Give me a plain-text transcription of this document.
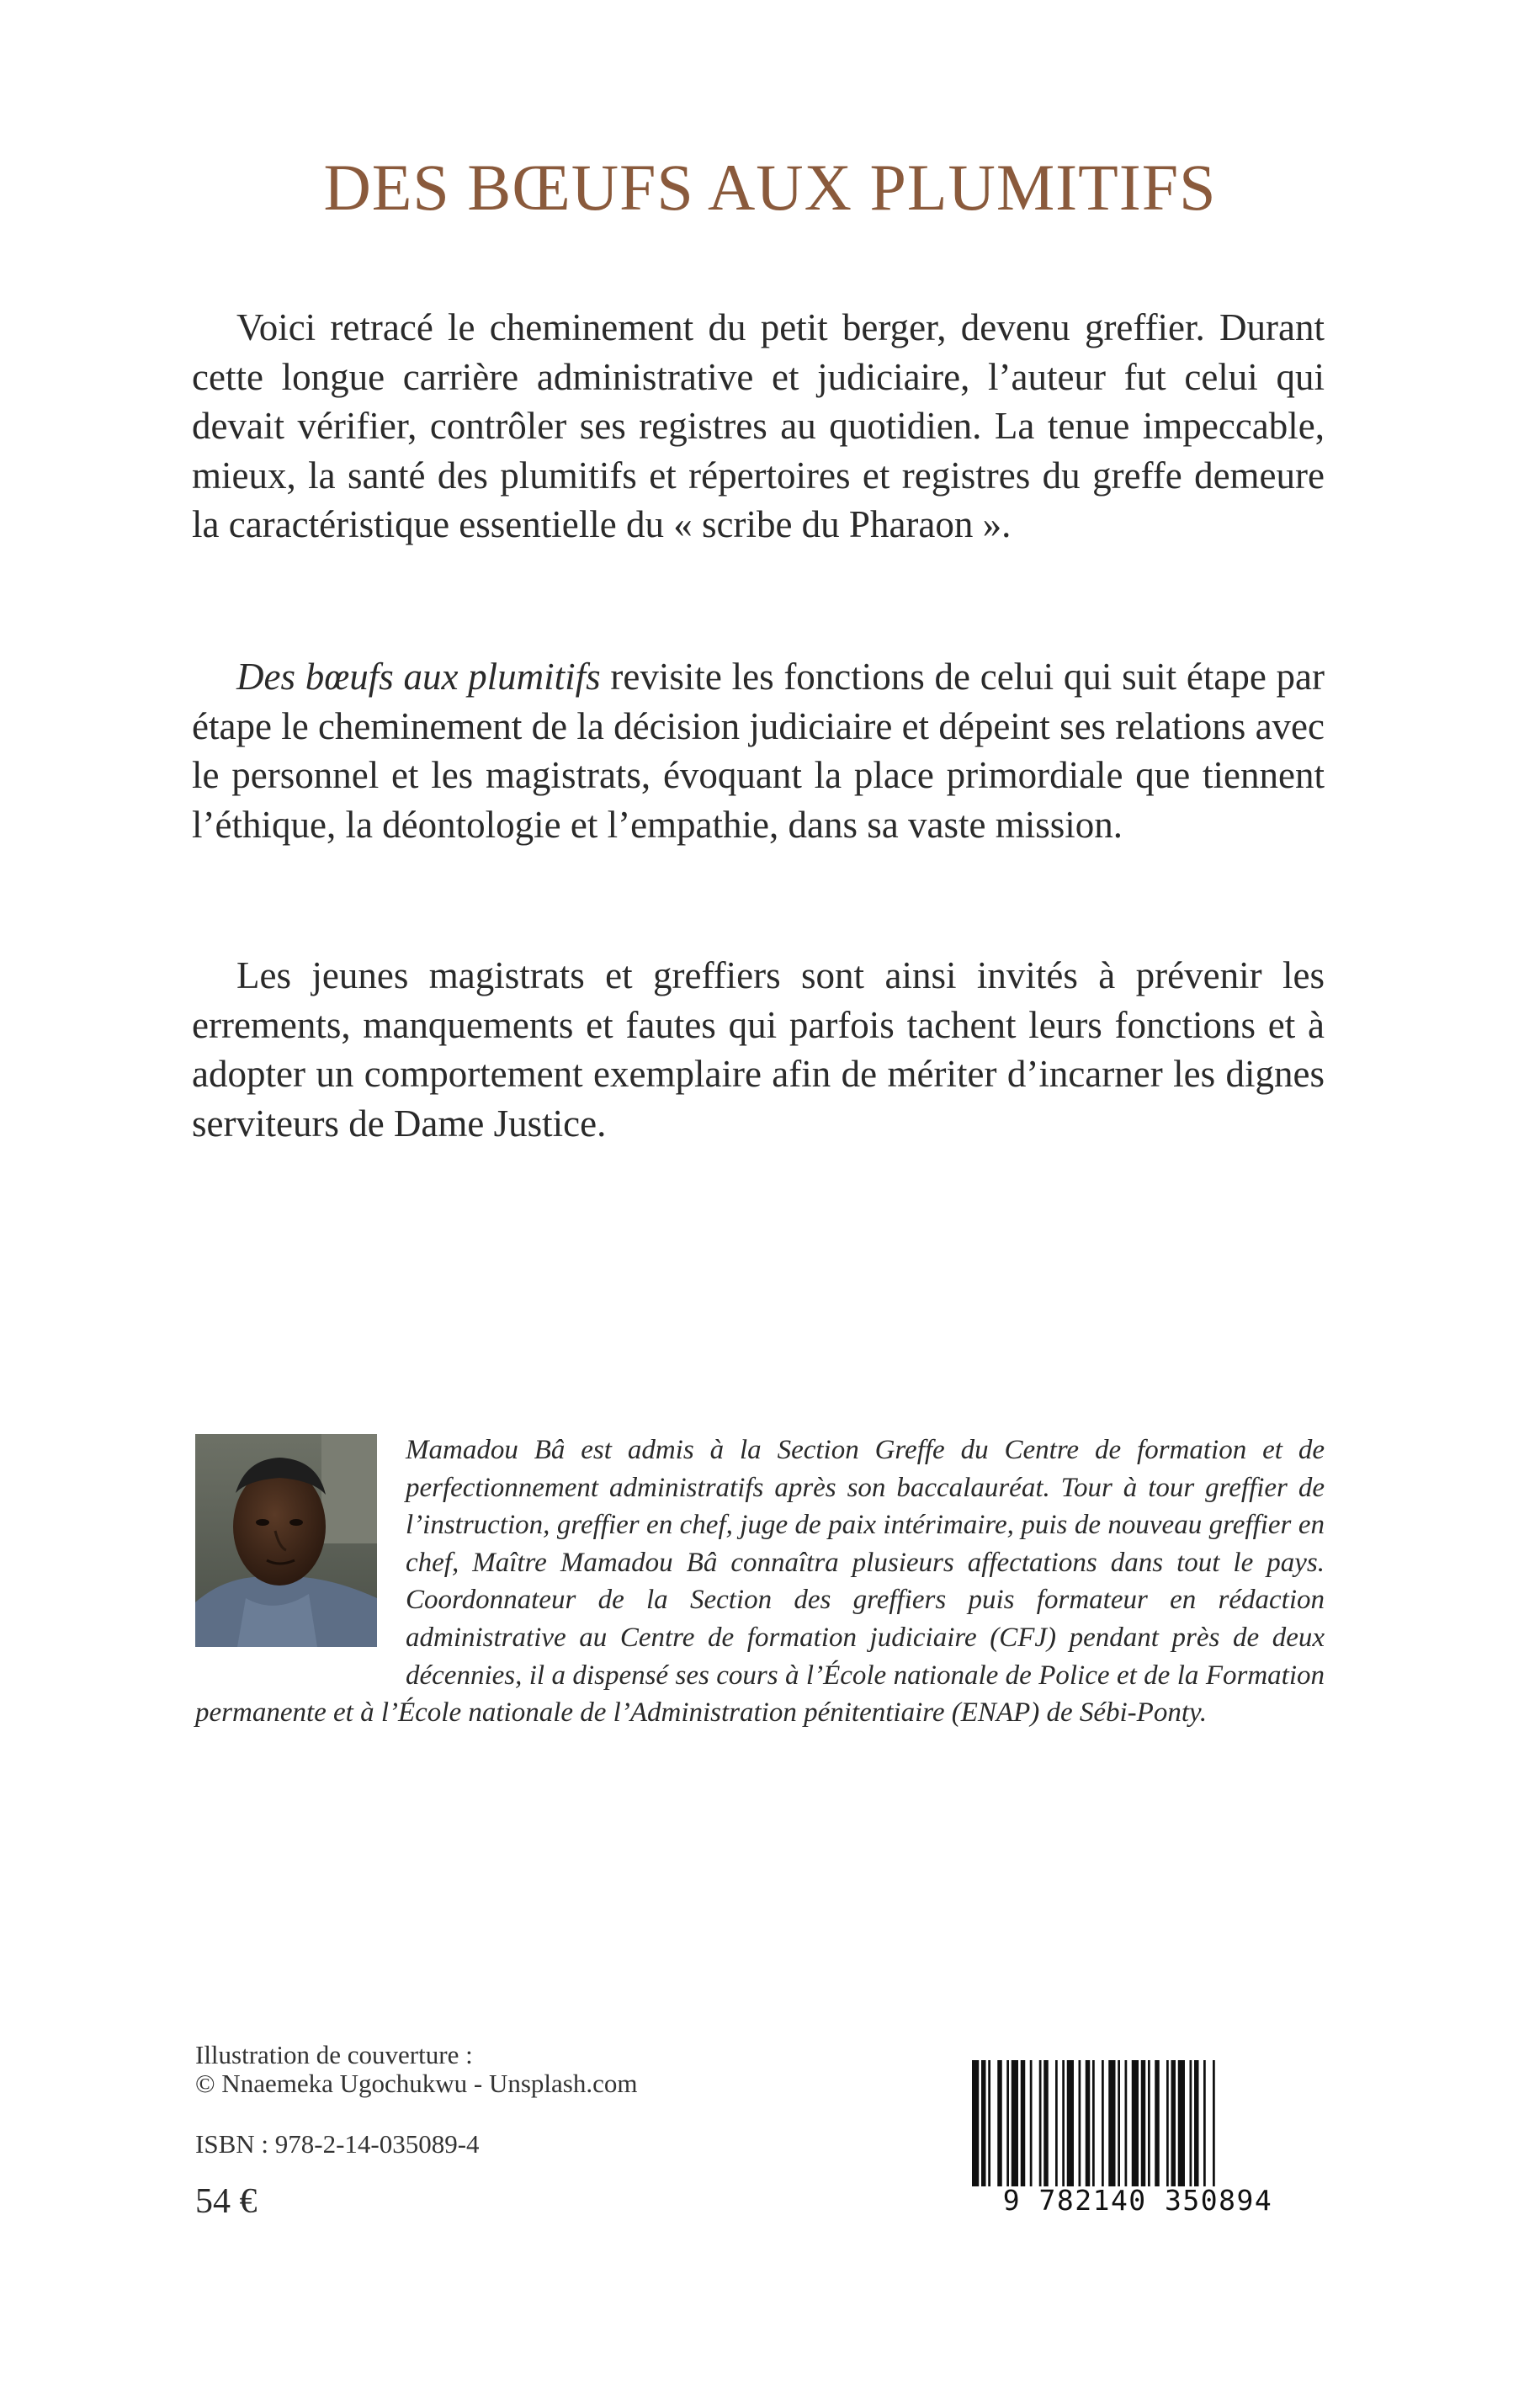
DES BŒUFS AUX PLUMITIFS

Voici retracé le cheminement du petit berger, devenu greffier. Durant cette longue carrière administrative et judiciaire, l’auteur fut celui qui devait vérifier, contrôler ses registres au quotidien. La tenue impeccable, mieux, la santé des plumitifs et répertoires et registres du greffe demeure la caractéristique essentielle du « scribe du Pharaon ».

Des bœufs aux plumitifs revisite les fonctions de celui qui suit étape par étape le cheminement de la décision judiciaire et dépeint ses relations avec le personnel et les magistrats, évoquant la place primordiale que tiennent l’éthique, la déontologie et l’empathie, dans sa vaste mission.

Les jeunes magistrats et greffiers sont ainsi invités à prévenir les errements, manquements et fautes qui parfois tachent leurs fonctions et à adopter un comportement exemplaire afin de mériter d’incarner les dignes serviteurs de Dame Justice.

Mamadou Bâ est admis à la Section Greffe du Centre de formation et de perfectionnement administratifs après son baccalauréat. Tour à tour greffier de l’instruction, greffier en chef, juge de paix intérimaire, puis de nouveau greffier en chef, Maître Mamadou Bâ connaîtra plusieurs affectations dans tout le pays. Coordonnateur de la Section des greffiers puis formateur en rédaction administrative au Centre de formation judiciaire (CFJ) pendant près de deux décennies, il a dispensé ses cours à l’École nationale de Police et de la Formation permanente et à l’École nationale de l’Administration pénitentiaire (ENAP) de Sébi-Ponty.

Illustration de couverture :
© Nnaemeka Ugochukwu - Unsplash.com

ISBN : 978-2-14-035089-4

54 €	9 782140 350894
